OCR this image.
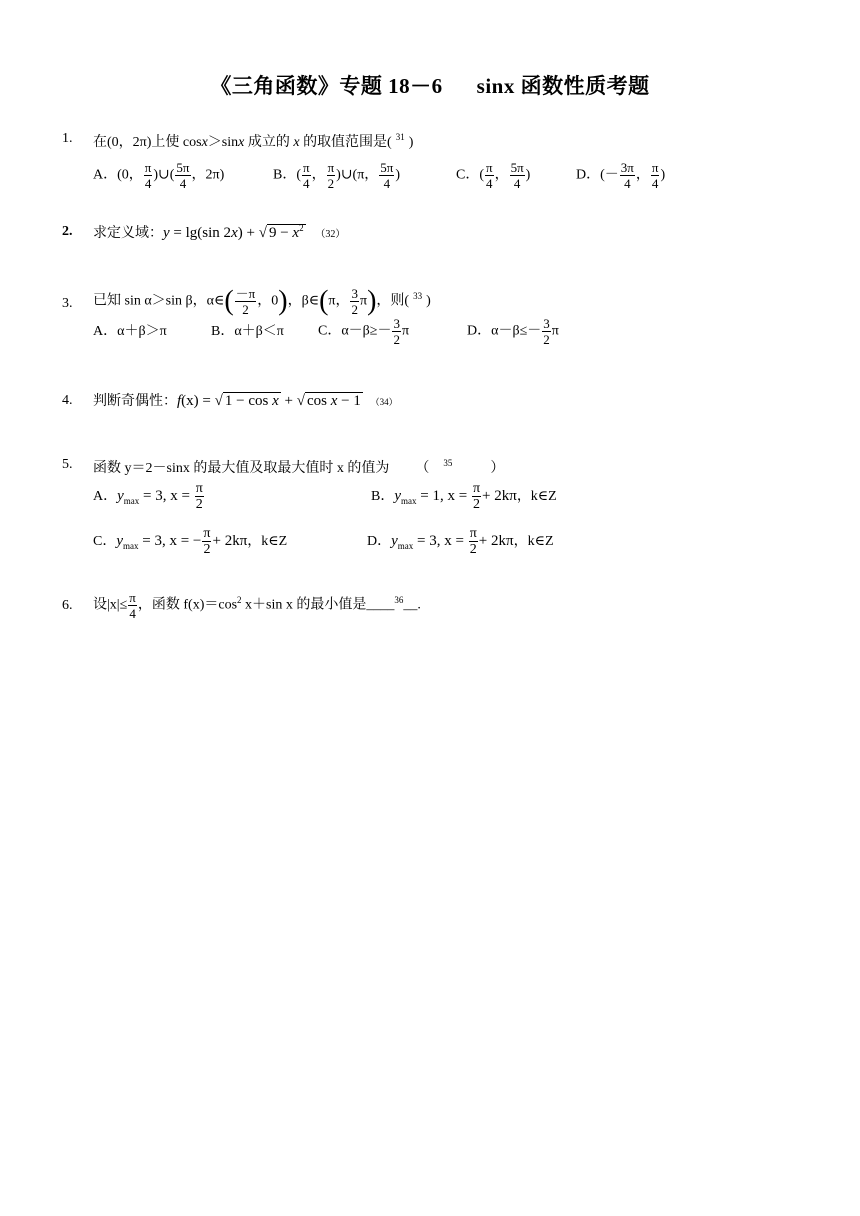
《三角函数》专题 18－6 sinx 函数性质考题
1. 在(0，2π)上使 cosx＞sinx 成立的 x 的取值范围是( $^{31}$ )
A．(0， $\frac{\pi}{4}$ )∪( $\frac{5\pi}{4}$ ，2π)	B．( $\frac{\pi}{4}$ ， $\frac{\pi}{2}$ )∪(π， $\frac{5\pi}{4}$ )	C．( $\frac{\pi}{4}$ ， $\frac{5\pi}{4}$ )	D．(－ $\frac{3\pi}{4}$ ， $\frac{\pi}{4}$ )
2. 求定义域：y = lg(sin 2x) + √ $9 - x^2$ （32）
3. 已知 sin α＞sin β，α∈( $\frac{-\pi}{2}$ ，0)，β∈(π， $\frac{3}{2} \pi$)，则( $^{33}$ )
A．α＋β＞π	B．α＋β＜π C．$\alpha-\beta\ge- \frac{3}{2}$ π	D．$\alpha-\beta\le- \frac{3}{2}$ π
4. 判断奇偶性：f(x) = √ 1 − cos x + √ cos x − 1 （34）
5. 函数 y＝2－sinx 的最大值及取最大值时 x 的值为 （ $^{35}$	）
A．$y_{max} = 3$, $x = \frac{\pi}{2}$	B．$y_{max} = 1$, $x = \frac{\pi}{2} + 2k\pi$，k∈Z
C．$y_{max} = 3$, x = − $\frac{\pi}{2} + 2k\pi$，k∈Z	D．$y_{max} = 3$, $x = \frac{\pi}{2} + 2k\pi$，k∈Z
6. 设$|x|\le \frac{\pi}{4}$ ，函数 $f(x)=\cos^2$ x＋sin x 的最小值是____$^{36}$__.
